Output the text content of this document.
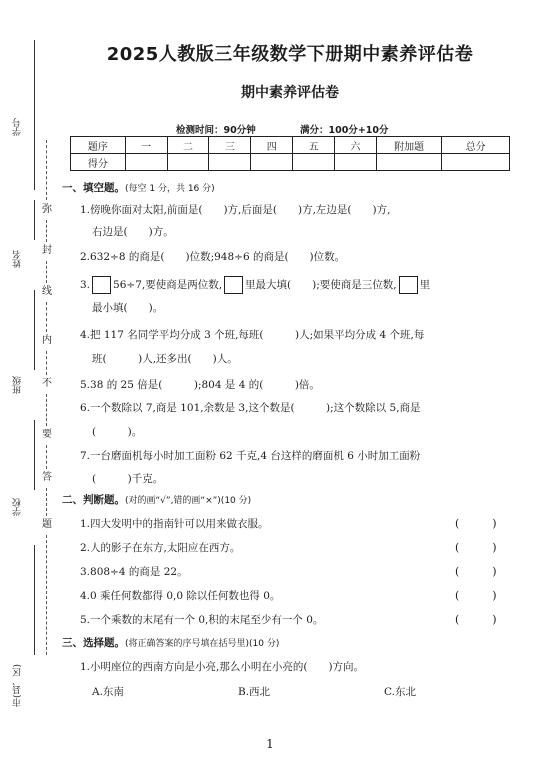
学号
姓名
班级
学校
市(县、区)
弥
封
线
内
不
要
答
题
2025人教版三年级数学下册期中素养评估卷
期中素养评估卷
检测时间：90分钟	满分：100分+10分
题序	一	二	三	四	五	六	附加题	总分
得分								
一、填空题。(每空 1 分，共 16 分)
1.傍晚你面对太阳,前面是(　　)方,后面是(　　)方,左边是(　　)方,
右边是(　　)方。
2.632÷8 的商是(　　)位数;948÷6 的商是(　　)位数。
3. 56÷7,要使商是两位数, 里最大填(　　);要使商是三位数, 里
最小填(　　)。
4.把 117 名同学平均分成 3 个班,每班(　　　)人;如果平均分成 4 个班,每
班(　　　)人,还多出(　　)人。
5.38 的 25 倍是(　　　);804 是 4 的(　　　)倍。
6.一个数除以 7,商是 101,余数是 3,这个数是(　　　);这个数除以 5,商是
(　　　)。
7.一台磨面机每小时加工面粉 62 千克,4 台这样的磨面机 6 小时加工面粉
(　　　)千克。
二、判断题。(对的画“√”,错的画“×”)(10 分)
1.四大发明中的指南针可以用来做衣服。	(　　　)
2.人的影子在东方,太阳应在西方。	(　　　)
3.808÷4 的商是 22。	(　　　)
4.0 乘任何数都得 0,0 除以任何数也得 0。	(　　　)
5.一个乘数的末尾有一个 0,积的末尾至少有一个 0。	(　　　)
三、选择题。(将正确答案的序号填在括号里)(10 分)
1.小明座位的西南方向是小亮,那么小明在小亮的(　　)方向。
A.东南	B.西北	C.东北
1
